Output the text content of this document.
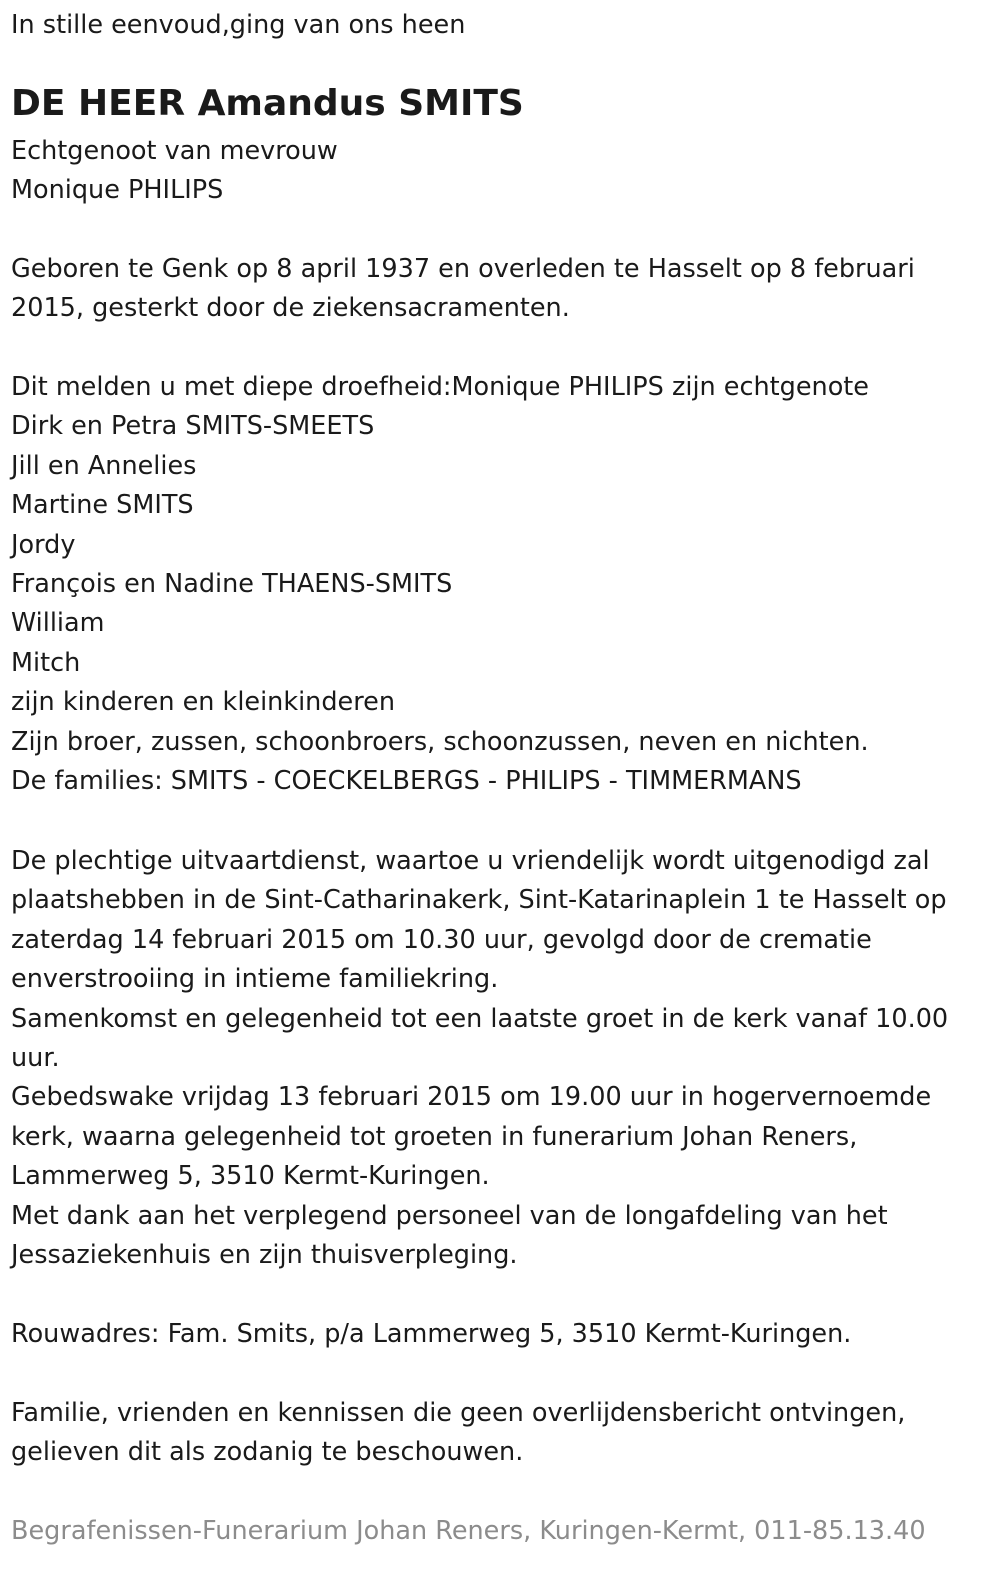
In stille eenvoud,ging van ons heen
DE HEER Amandus SMITS
Echtgenoot van mevrouw
Monique PHILIPS
Geboren te Genk op 8 april 1937 en overleden te Hasselt op 8 februari
2015, gesterkt door de ziekensacramenten.
Dit melden u met diepe droefheid:Monique PHILIPS zijn echtgenote
Dirk en Petra SMITS-SMEETS
Jill en Annelies
Martine SMITS
Jordy
François en Nadine THAENS-SMITS
William
Mitch
zijn kinderen en kleinkinderen
Zijn broer, zussen, schoonbroers, schoonzussen, neven en nichten.
De families: SMITS - COECKELBERGS - PHILIPS - TIMMERMANS
De plechtige uitvaartdienst, waartoe u vriendelijk wordt uitgenodigd zal
plaatshebben in de Sint-Catharinakerk, Sint-Katarinaplein 1 te Hasselt op
zaterdag 14 februari 2015 om 10.30 uur, gevolgd door de crematie
enverstrooiing in intieme familiekring.
Samenkomst en gelegenheid tot een laatste groet in de kerk vanaf 10.00
uur.
Gebedswake vrijdag 13 februari 2015 om 19.00 uur in hogervernoemde
kerk, waarna gelegenheid tot groeten in funerarium Johan Reners,
Lammerweg 5, 3510 Kermt-Kuringen.
Met dank aan het verplegend personeel van de longafdeling van het
Jessaziekenhuis en zijn thuisverpleging.
Rouwadres: Fam. Smits, p/a Lammerweg 5, 3510 Kermt-Kuringen.
Familie, vrienden en kennissen die geen overlijdensbericht ontvingen,
gelieven dit als zodanig te beschouwen.
Begrafenissen-Funerarium Johan Reners, Kuringen-Kermt, 011-85.13.40
